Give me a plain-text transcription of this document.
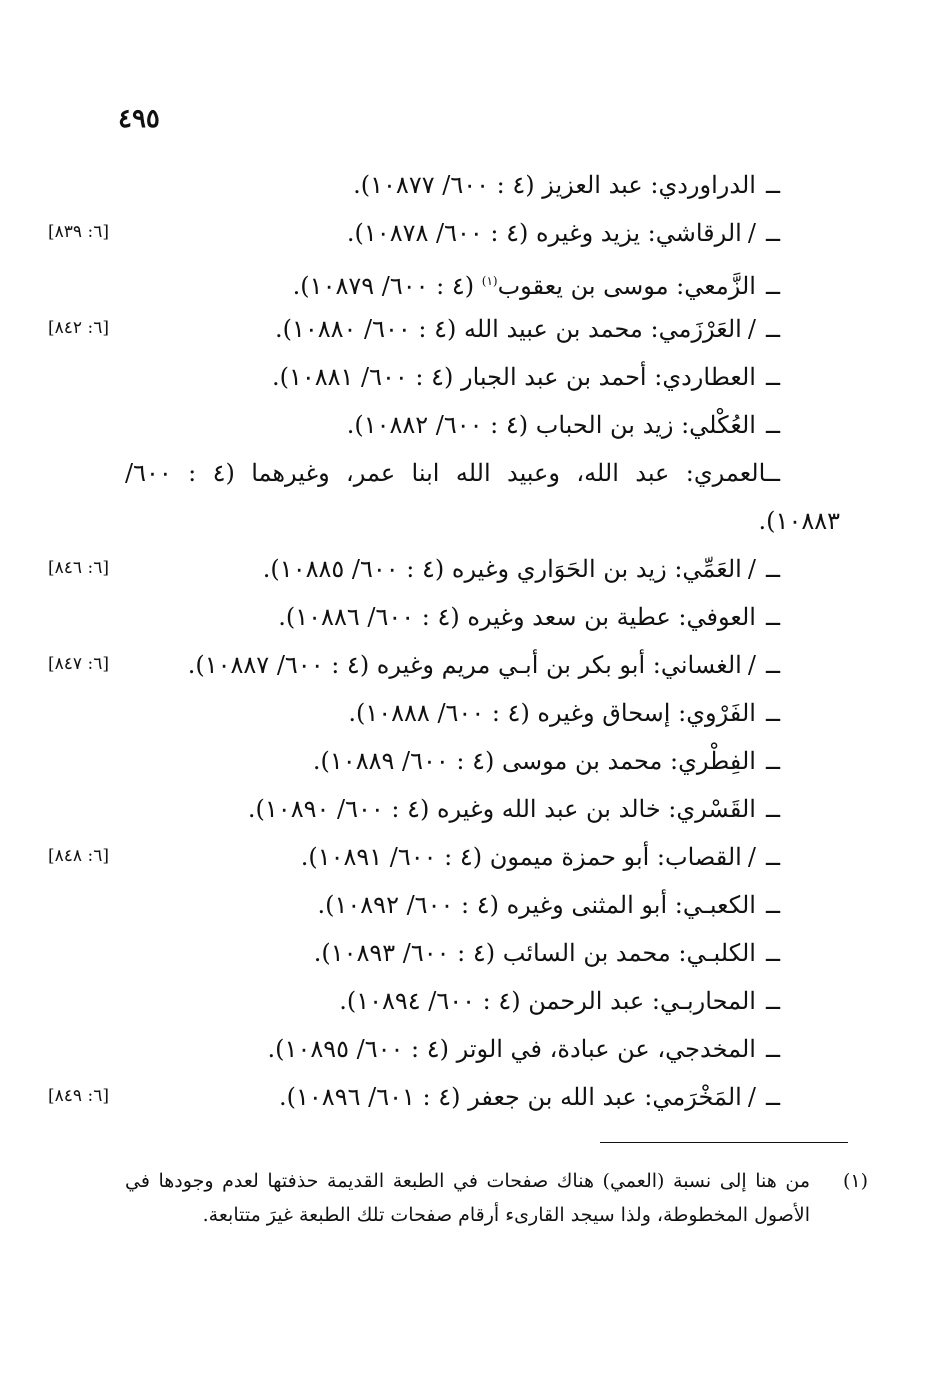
٤٩٥
ــالدراوردي: عبد العزيز (٤ : ٦٠٠/ ١٠٨٧٧).
ــ/الرقاشي: يزيد وغيره (٤ : ٦٠٠/ ١٠٨٧٨).
[٦: ٨٣٩]
ــالزَّمعي: موسى بن يعقوب$^{(١)}$ (٤ : ٦٠٠/ ١٠٨٧٩).
ــ/العَرْزَمي: محمد بن عبيد الله (٤ : ٦٠٠/ ١٠٨٨٠).
[٦: ٨٤٢]
ــالعطاردي: أحمد بن عبد الجبار (٤ : ٦٠٠/ ١٠٨٨١).
ــالعُكْلي: زيد بن الحباب (٤ : ٦٠٠/ ١٠٨٨٢).
ــالعمري: عبد الله، وعبيد الله ابنا عمر، وغيرهما (٤ : ٦٠٠/
١٠٨٨٣).
ــ/العَمِّي: زيد بن الحَوَاري وغيره (٤ : ٦٠٠/ ١٠٨٨٥).
[٦: ٨٤٦]
ــالعوفي: عطية بن سعد وغيره (٤ : ٦٠٠/ ١٠٨٨٦).
ــ/الغساني: أبو بكر بن أبـي مريم وغيره (٤ : ٦٠٠/ ١٠٨٨٧).
[٦: ٨٤٧]
ــالفَرْوي: إسحاق وغيره (٤ : ٦٠٠/ ١٠٨٨٨).
ــالفِطْري: محمد بن موسى (٤ : ٦٠٠/ ١٠٨٨٩).
ــالقَسْري: خالد بن عبد الله وغيره (٤ : ٦٠٠/ ١٠٨٩٠).
ــ/القصاب: أبو حمزة ميمون (٤ : ٦٠٠/ ١٠٨٩١).
[٦: ٨٤٨]
ــالكعبـي: أبو المثنى وغيره (٤ : ٦٠٠/ ١٠٨٩٢).
ــالكلبـي: محمد بن السائب (٤ : ٦٠٠/ ١٠٨٩٣).
ــالمحاربـي: عبد الرحمن (٤ : ٦٠٠/ ١٠٨٩٤).
ــالمخدجي، عن عبادة، في الوتر (٤ : ٦٠٠/ ١٠٨٩٥).
ــ/المَخْرَمي: عبد الله بن جعفر (٤ : ٦٠١/ ١٠٨٩٦).
[٦: ٨٤٩]
(١)

من هنا إلى نسبة (العمي) هناك صفحات في الطبعة القديمة حذفتها لعدم وجودها في الأصول المخطوطة، ولذا سيجد القارىء أرقام صفحات تلك الطبعة غيرَ متتابعة.
